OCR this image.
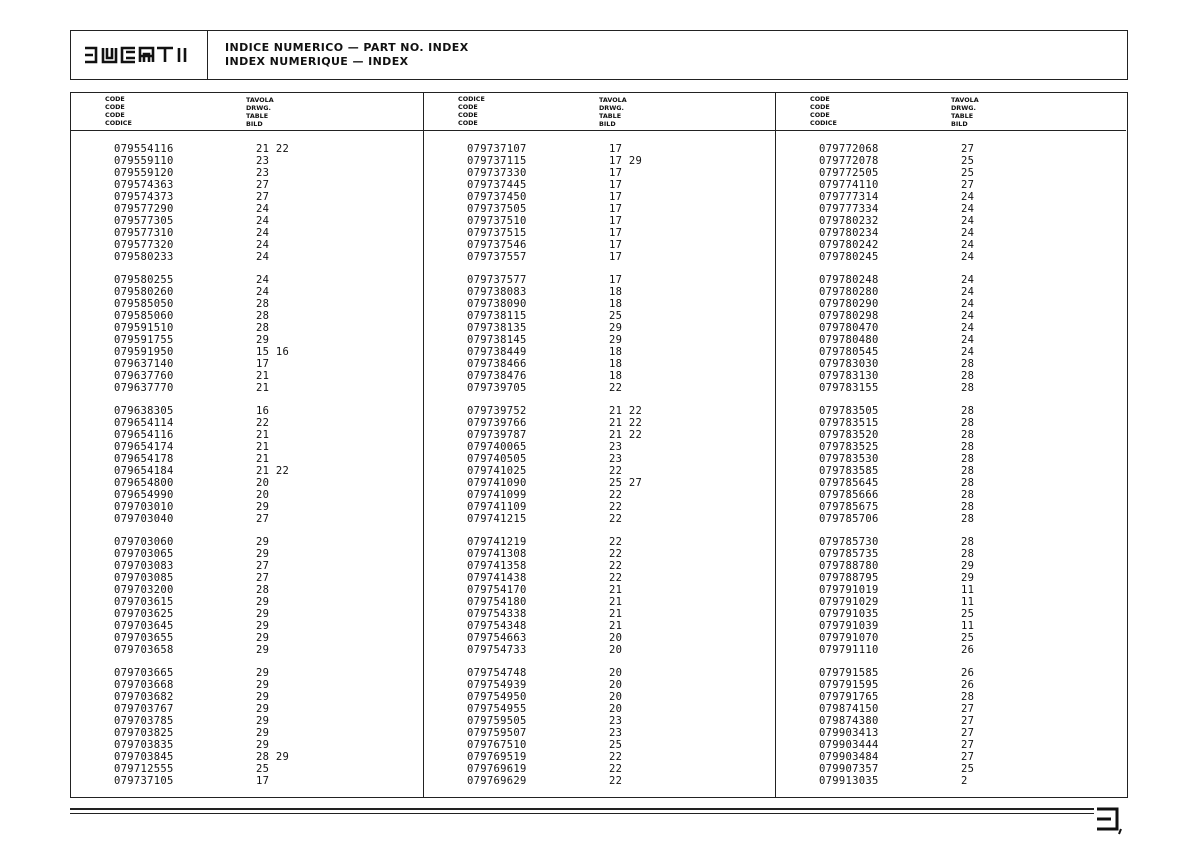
INDICE NUMERICO — PART NO. INDEX
INDEX NUMERIQUE — INDEX
CODE
CODE
CODE
CODICE
TAVOLA
DRWG.
TABLE
BILD
079554116	21 22
079559110	23
079559120	23
079574363	27
079574373	27
079577290	24
079577305	24
079577310	24
079577320	24
079580233	24
079580255	24
079580260	24
079585050	28
079585060	28
079591510	28
079591755	29
079591950	15 16
079637140	17
079637760	21
079637770	21
079638305	16
079654114	22
079654116	21
079654174	21
079654178	21
079654184	21 22
079654800	20
079654990	20
079703010	29
079703040	27
079703060	29
079703065	29
079703083	27
079703085	27
079703200	28
079703615	29
079703625	29
079703645	29
079703655	29
079703658	29
079703665	29
079703668	29
079703682	29
079703767	29
079703785	29
079703825	29
079703835	29
079703845	28 29
079712555	25
079737105	17
CODICE
CODE
CODE
CODE
TAVOLA
DRWG.
TABLE
BILD
079737107	17
079737115	17 29
079737330	17
079737445	17
079737450	17
079737505	17
079737510	17
079737515	17
079737546	17
079737557	17
079737577	17
079738083	18
079738090	18
079738115	25
079738135	29
079738145	29
079738449	18
079738466	18
079738476	18
079739705	22
079739752	21 22
079739766	21 22
079739787	21 22
079740065	23
079740505	23
079741025	22
079741090	25 27
079741099	22
079741109	22
079741215	22
079741219	22
079741308	22
079741358	22
079741438	22
079754170	21
079754180	21
079754338	21
079754348	21
079754663	20
079754733	20
079754748	20
079754939	20
079754950	20
079754955	20
079759505	23
079759507	23
079767510	25
079769519	22
079769619	22
079769629	22
CODE
CODE
CODE
CODICE
TAVOLA
DRWG.
TABLE
BILD
079772068	27
079772078	25
079772505	25
079774110	27
079777314	24
079777334	24
079780232	24
079780234	24
079780242	24
079780245	24
079780248	24
079780280	24
079780290	24
079780298	24
079780470	24
079780480	24
079780545	24
079783030	28
079783130	28
079783155	28
079783505	28
079783515	28
079783520	28
079783525	28
079783530	28
079783585	28
079785645	28
079785666	28
079785675	28
079785706	28
079785730	28
079785735	28
079788780	29
079788795	29
079791019	11
079791029	11
079791035	25
079791039	11
079791070	25
079791110	26
079791585	26
079791595	26
079791765	28
079874150	27
079874380	27
079903413	27
079903444	27
079903484	27
079907357	25
079913035	2
